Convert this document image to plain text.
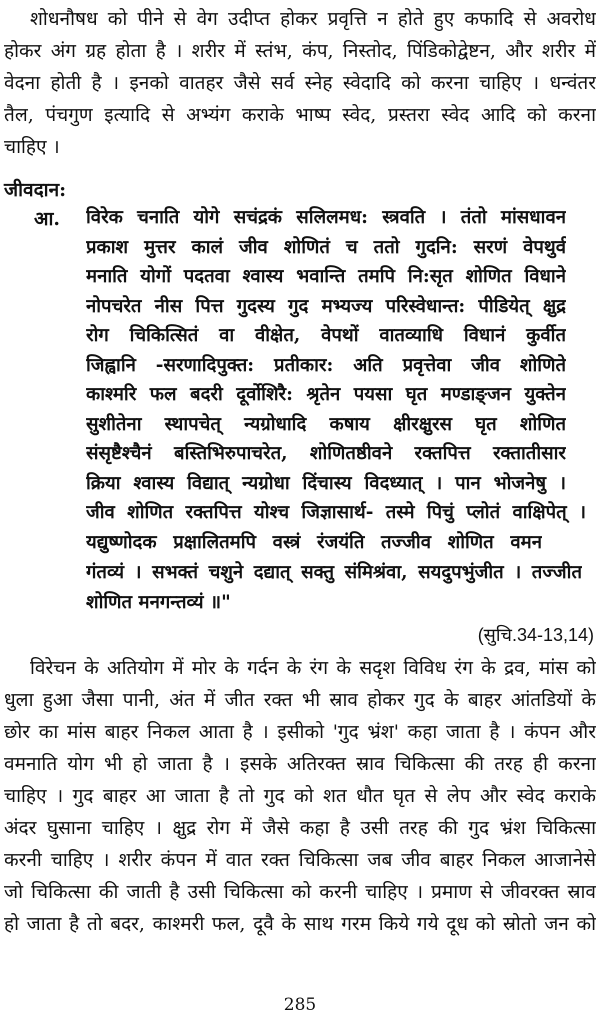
शोधनौषध को पीने से वेग उदीप्त होकर प्रवृत्ति न होते हुए कफादि से अवरोध
होकर अंग ग्रह होता है । शरीर में स्तंभ, कंप, निस्तोद, पिंडिकोद्वेष्टन, और शरीर में
वेदना होती है । इनको वातहर जैसे सर्व स्नेह स्वेदादि को करना चाहिए । धन्वंतर
तैल, पंचगुण इत्यादि से अभ्यंग कराके भाष्प स्वेद, प्रस्तरा स्वेद आदि को करना
चाहिए ।
जीवदान:
आ. विरेक चनाति योगे सचंद्रकं सलिलमध: स्त्रवति । तंतो मांसधावन
प्रकाश मुत्तर कालं जीव शोणितं च ततो गुदनि: सरणं वेपथुर्व
मनाति योगों पदतवा श्वास्य भवान्ति तमपि नि:सृत शोणित विधाने
नोपचरेत नीस पित्त गुदस्य गुद मभ्यज्य परिस्वेधान्त: पीडियेत् क्षुद्र
रोग चिकित्सितं वा वीक्षेत, वेपथों वातव्याधि विधानं कुर्वीत
जिह्वानि -सरणादिपुक्त: प्रतीकार: अति प्रवृत्तेवा जीव शोणिते
काश्मरि फल बदरी दूर्वोशिरै: श्रृतेन पयसा घृत मण्डाङ्जन युक्तेन
सुशीतेना स्थापचेत् न्यग्रोधादि कषाय क्षीरक्षुरस घृत शोणित
संसृष्टैश्चैनं बस्तिभिरुपाचरेत, शोणितष्ठीवने रक्तपित्त रक्तातीसार
क्रिया श्वास्य विद्यात् न्यग्रोधा दिंचास्य विदध्यात् । पान भोजनेषु ।
जीव शोणित रक्तपित्त योश्च जिज्ञासार्थ- तस्मे पिचुं प्लोतं वाक्षिपेत् ।
यद्युष्णोदक प्रक्षालितमपि वस्त्रं रंजयंति तज्जीव शोणित वमन
गंतव्यं । सभक्तं चशुने दद्यात् सक्तु संमिश्रंवा, सयदुपभुंजीत । तज्जीत
शोणित मनगन्तव्यं ॥"
(सुचि.34-13,14)
विरेचन के अतियोग में मोर के गर्दन के रंग के सदृश विविध रंग के द्रव, मांस को
धुला हुआ जैसा पानी, अंत में जीत रक्त भी स्राव होकर गुद के बाहर आंतडियों के
छोर का मांस बाहर निकल आता है । इसीको 'गुद भ्रंश' कहा जाता है । कंपन और
वमनाति योग भी हो जाता है । इसके अतिरक्त स्राव चिकित्सा की तरह ही करना
चाहिए । गुद बाहर आ जाता है तो गुद को शत धौत घृत से लेप और स्वेद कराके
अंदर घुसाना चाहिए । क्षुद्र रोग में जैसे कहा है उसी तरह की गुद भ्रंश चिकित्सा
करनी चाहिए । शरीर कंपन में वात रक्त चिकित्सा जब जीव बाहर निकल आजानेसे
जो चिकित्सा की जाती है उसी चिकित्सा को करनी चाहिए । प्रमाण से जीवरक्त स्राव
हो जाता है तो बदर, काश्मरी फल, दूवै के साथ गरम किये गये दूध को स्रोतो जन को
285
